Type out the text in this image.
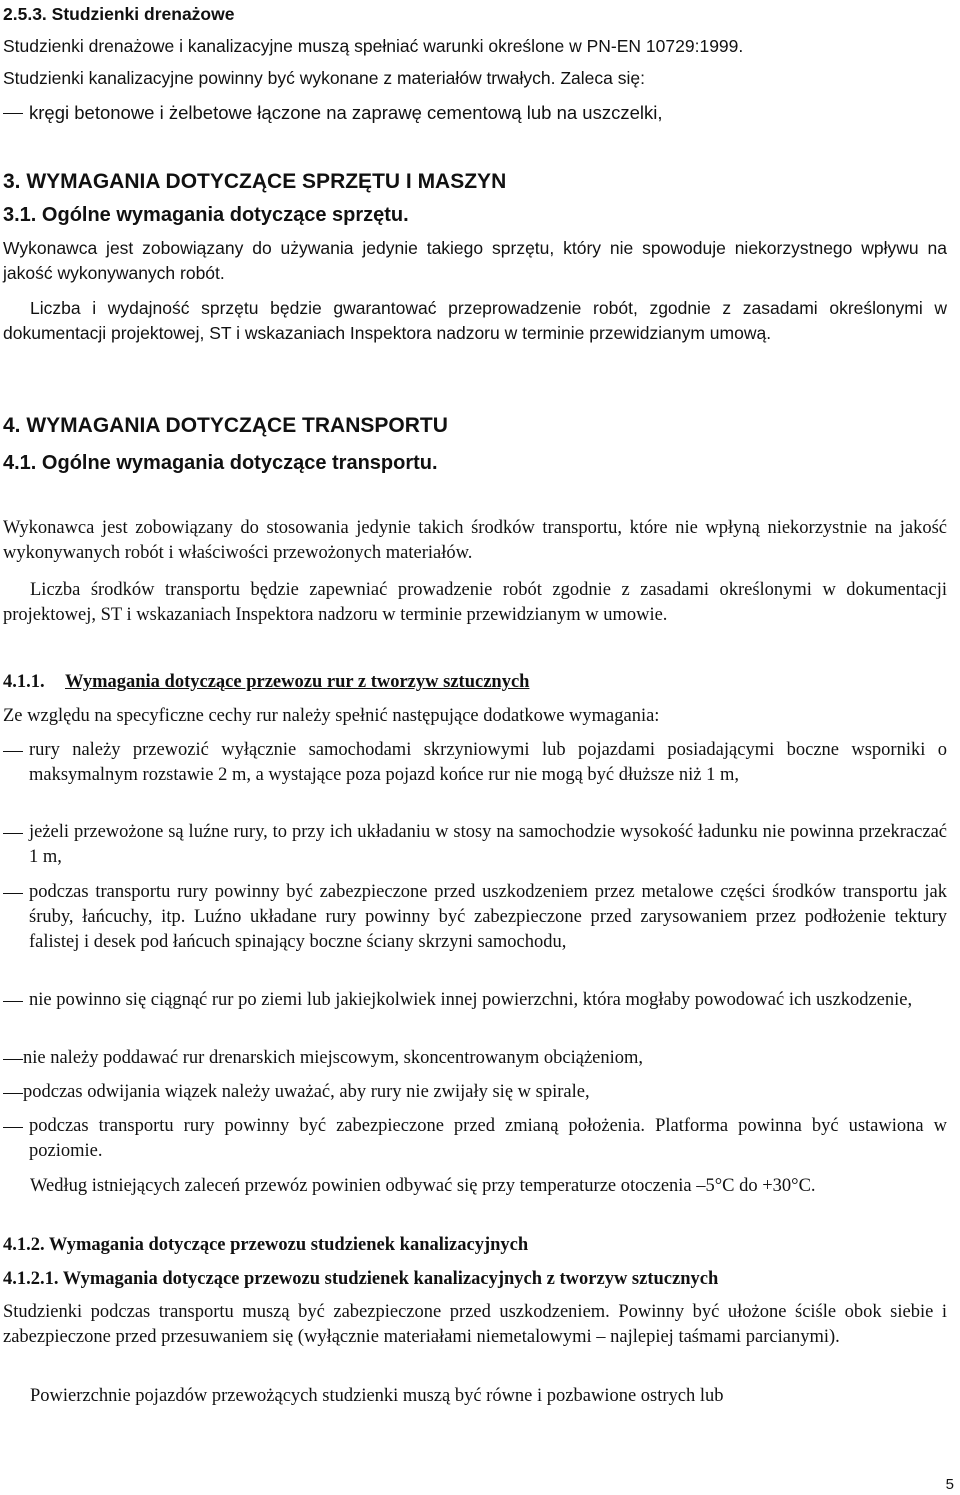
2.5.3. Studzienki drenażowe

Studzienki drenażowe i kanalizacyjne muszą spełniać warunki określone w PN-EN 10729:1999.

Studzienki kanalizacyjne powinny być wykonane z materiałów trwałych. Zaleca się:

kręgi betonowe i żelbetowe łączone na zaprawę cementową lub na uszczelki,

3. WYMAGANIA DOTYCZĄCE SPRZĘTU I MASZYN

3.1. Ogólne wymagania dotyczące sprzętu.

Wykonawca jest zobowiązany do używania jedynie takiego sprzętu, który nie spowoduje niekorzystnego wpływu na jakość wykonywanych robót.

Liczba i wydajność sprzętu będzie gwarantować przeprowadzenie robót, zgodnie z zasadami określonymi w dokumentacji projektowej, ST i wskazaniach Inspektora nadzoru w terminie przewidzianym umową.

4. WYMAGANIA DOTYCZĄCE TRANSPORTU

4.1. Ogólne wymagania dotyczące transportu.

Wykonawca jest zobowiązany do stosowania jedynie takich środków transportu, które nie wpłyną niekorzystnie na jakość wykonywanych robót i właściwości przewożonych materiałów.

Liczba środków transportu będzie zapewniać prowadzenie robót zgodnie z zasadami określonymi w dokumentacji projektowej, ST i wskazaniach Inspektora nadzoru w terminie przewidzianym w umowie.

4.1.1. Wymagania dotyczące przewozu rur z tworzyw sztucznych

Ze względu na specyficzne cechy rur należy spełnić następujące dodatkowe wymagania:

rury należy przewozić wyłącznie samochodami skrzyniowymi lub pojazdami posiadającymi boczne wsporniki o maksymalnym rozstawie 2 m, a wystające poza pojazd końce rur nie mogą być dłuższe niż 1 m,
jeżeli przewożone są luźne rury, to przy ich układaniu w stosy na samochodzie wysokość ładunku nie powinna przekraczać 1 m,
podczas transportu rury powinny być zabezpieczone przed uszkodzeniem przez metalowe części środków transportu jak śruby, łańcuchy, itp. Luźno układane rury powinny być zabezpieczone przed zarysowaniem przez podłożenie tektury falistej i desek pod łańcuch spinający boczne ściany skrzyni samochodu,
nie powinno się ciągnąć rur po ziemi lub jakiejkolwiek innej powierzchni, która mogłaby powodować ich uszkodzenie,
nie należy poddawać rur drenarskich miejscowym, skoncentrowanym obciążeniom,
podczas odwijania wiązek należy uważać, aby rury nie zwijały się w spirale,
podczas transportu rury powinny być zabezpieczone przed zmianą położenia. Platforma powinna być ustawiona w poziomie.

Według istniejących zaleceń przewóz powinien odbywać się przy temperaturze otoczenia –5°C do +30°C.

4.1.2. Wymagania dotyczące przewozu studzienek kanalizacyjnych

4.1.2.1. Wymagania dotyczące przewozu studzienek kanalizacyjnych z tworzyw sztucznych

Studzienki podczas transportu muszą być zabezpieczone przed uszkodzeniem. Powinny być ułożone ściśle obok siebie i zabezpieczone przed przesuwaniem się (wyłącznie materiałami niemetalowymi – najlepiej taśmami parcianymi).

Powierzchnie pojazdów przewożących studzienki muszą być równe i pozbawione ostrych lub

5
